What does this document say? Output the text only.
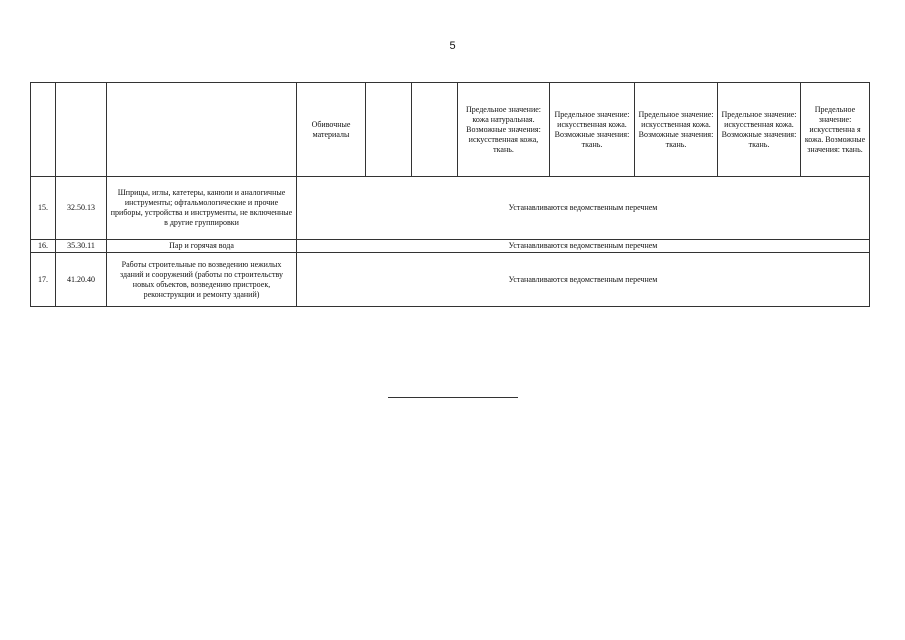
5
			Обивочные материалы			Предельное значение: кожа натуральная. Возможные значения: искусственная кожа, ткань.	Предельное значение: искусственная кожа. Возможные значения: ткань.	Предельное значение: искусственная кожа. Возможные значения: ткань.	Предельное значение: искусственная кожа. Возможные значения: ткань.	Предельное значение: искусственна я кожа. Возможные значения: ткань.
15.	32.50.13	Шприцы, иглы, катетеры, канюли и аналогичные инструменты; офтальмологические и прочие приборы, устройства и инструменты, не включенные в другие группировки	Устанавливаются ведомственным перечнем							
16.	35.30.11	Пар и горячая вода	Устанавливаются ведомственным перечнем							
17.	41.20.40	Работы строительные по возведению нежилых зданий и сооружений (работы по строительству новых объектов, возведению пристроек, реконструкции и ремонту зданий)	Устанавливаются ведомственным перечнем							
